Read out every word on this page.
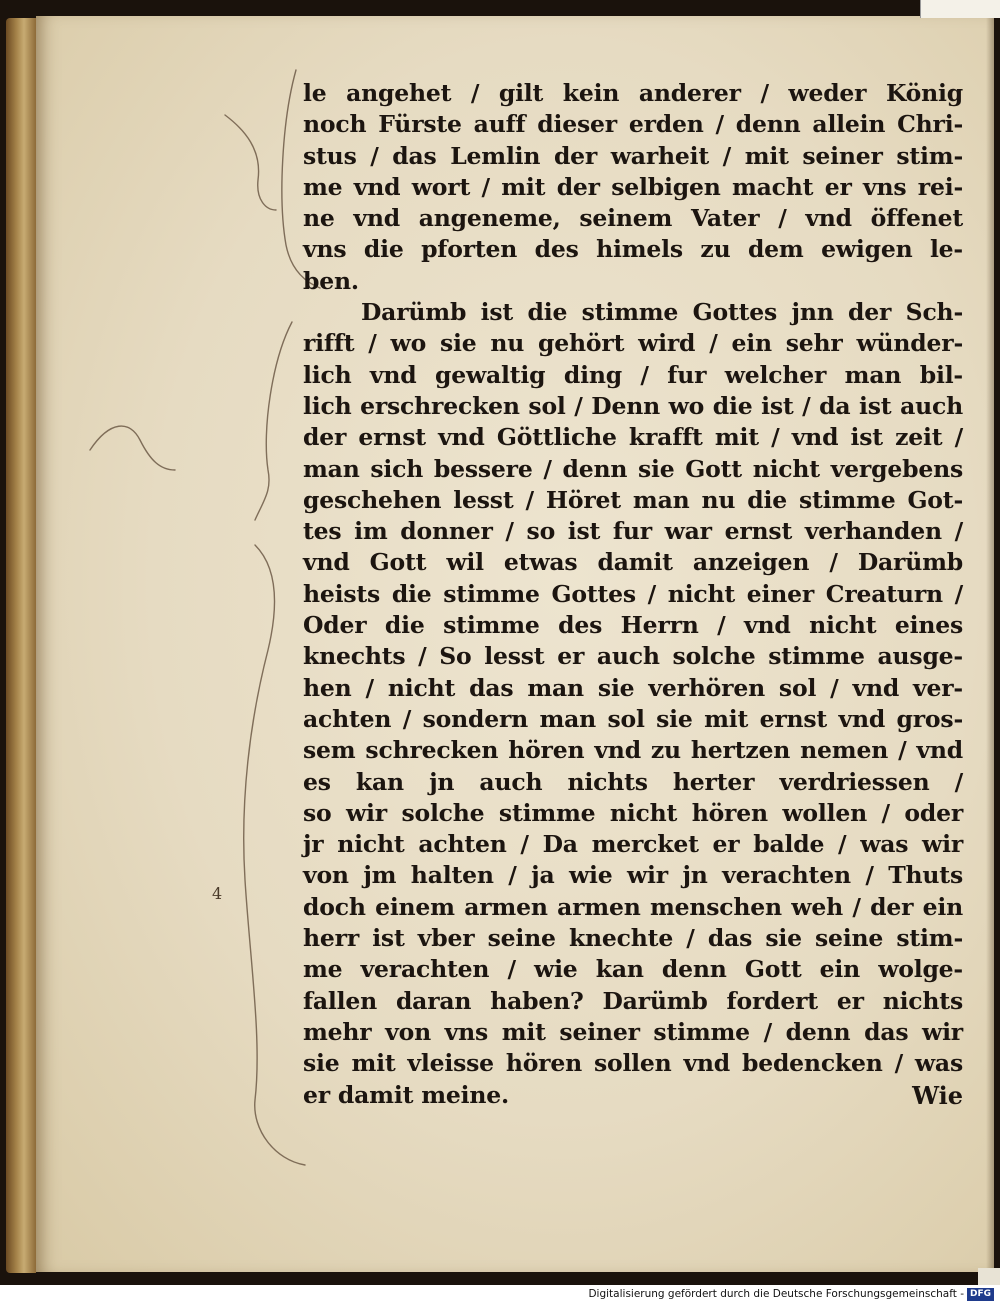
4
le angehet / gilt kein anderer / weder König
noch Fürste auff dieser erden / denn allein Chri-
stus / das Lemlin der warheit / mit seiner stim-
me vnd wort / mit der selbigen macht er vns rei-
ne vnd angeneme, seinem Vater / vnd öffenet
vns die pforten des himels zu dem ewigen le-
ben.
Darümb ist die stimme Gottes jnn der Sch-
rifft / wo sie nu gehört wird / ein sehr wünder-
lich vnd gewaltig ding / fur welcher man bil-
lich erschrecken sol / Denn wo die ist / da ist auch
der ernst vnd Göttliche krafft mit / vnd ist zeit /
man sich bessere / denn sie Gott nicht vergebens
geschehen lesst / Höret man nu die stimme Got-
tes im donner / so ist fur war ernst verhanden /
vnd Gott wil etwas damit anzeigen / Darümb
heists die stimme Gottes / nicht einer Creaturn /
Oder die stimme des Herrn / vnd nicht eines
knechts / So lesst er auch solche stimme ausge-
hen / nicht das man sie verhören sol / vnd ver-
achten / sondern man sol sie mit ernst vnd gros-
sem schrecken hören vnd zu hertzen nemen / vnd
es kan jn auch nichts herter verdriessen /
so wir solche stimme nicht hören wollen / oder
jr nicht achten / Da mercket er balde / was wir
von jm halten / ja wie wir jn verachten / Thuts
doch einem armen armen menschen weh / der ein
herr ist vber seine knechte / das sie seine stim-
me verachten / wie kan denn Gott ein wolge-
fallen daran haben? Darümb fordert er nichts
mehr von vns mit seiner stimme / denn das wir
sie mit vleisse hören sollen vnd bedencken / was
er damit meine.	Wie
Digitalisierung gefördert durch die Deutsche Forschungsgemeinschaft - DFG
